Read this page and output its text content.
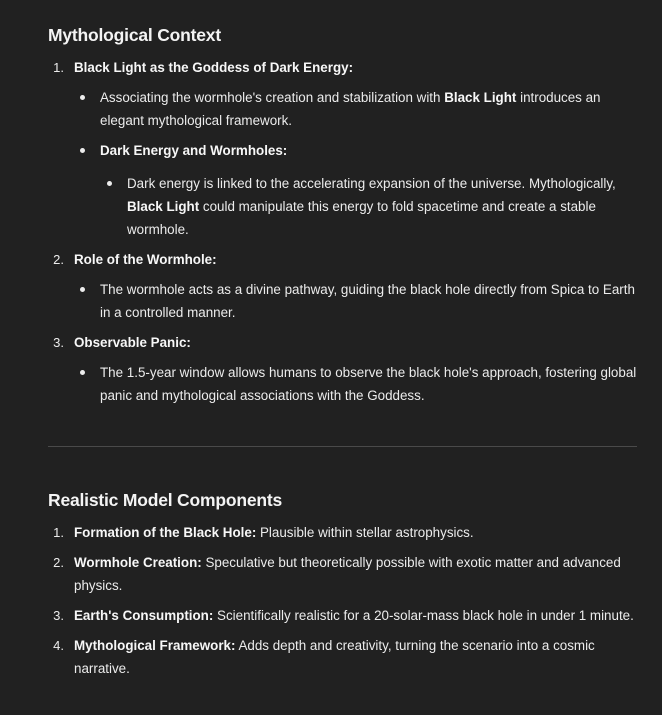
Mythological Context
1. Black Light as the Goddess of Dark Energy:
Associating the wormhole's creation and stabilization with Black Light introduces an
elegant mythological framework.
Dark Energy and Wormholes:
Dark energy is linked to the accelerating expansion of the universe. Mythologically,
Black Light could manipulate this energy to fold spacetime and create a stable
wormhole.
2. Role of the Wormhole:
The wormhole acts as a divine pathway, guiding the black hole directly from Spica to Earth
in a controlled manner.
3. Observable Panic:
The 1.5-year window allows humans to observe the black hole's approach, fostering global
panic and mythological associations with the Goddess.
Realistic Model Components
1. Formation of the Black Hole: Plausible within stellar astrophysics.
2. Wormhole Creation: Speculative but theoretically possible with exotic matter and advanced
physics.
3. Earth's Consumption: Scientifically realistic for a 20-solar-mass black hole in under 1 minute.
4. Mythological Framework: Adds depth and creativity, turning the scenario into a cosmic
narrative.
